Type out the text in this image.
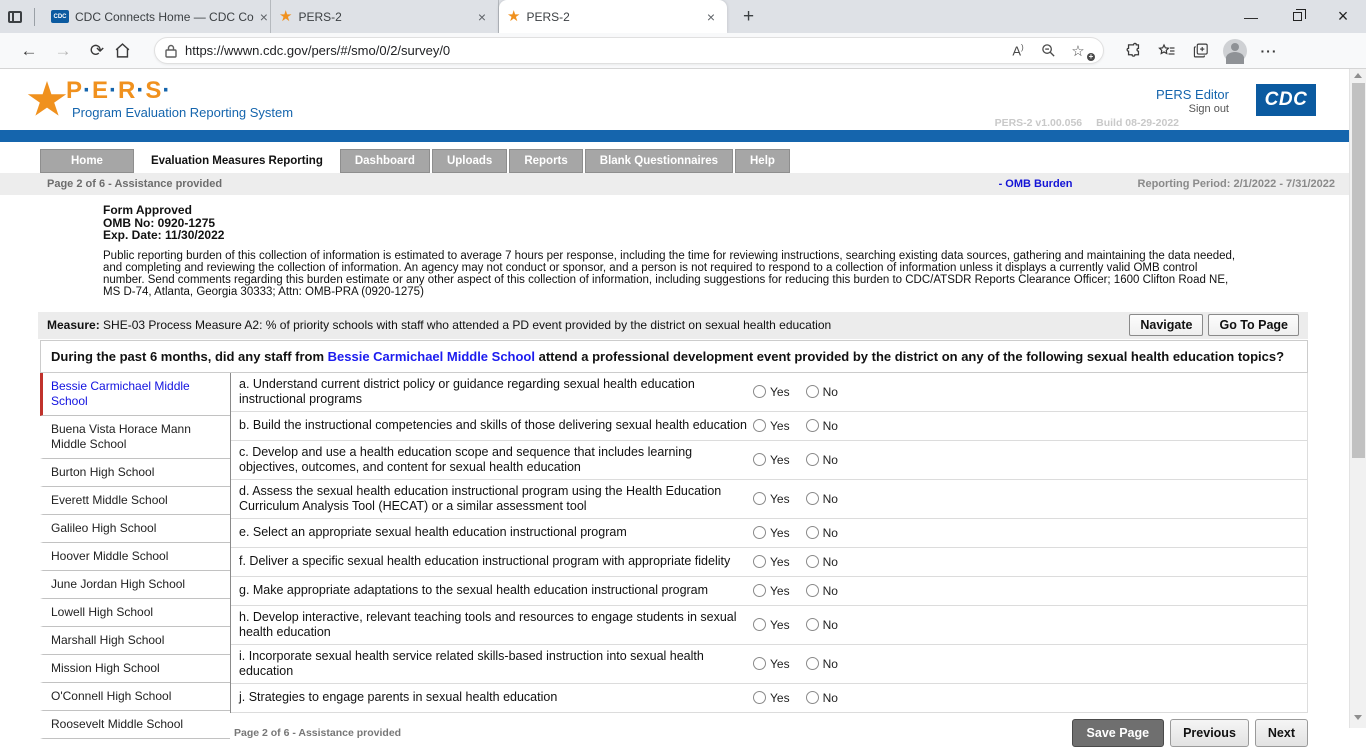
CDC CDC Connects Home — CDC Co × ★ PERS-2	× ★ PERS-2	×	+	—	×
←	→	⟳	https://wwwn.cdc.gov/pers/#/smo/0/2/survey/0	A)	☆ +	···
P·E·R·S·
Program Evaluation Reporting System
PERS Editor
Sign out	CDC
PERS-2 v1.00.056 Build 08-29-2022
Home	Evaluation Measures Reporting	Dashboard	Uploads	Reports	Blank Questionnaires	Help
Page 2 of 6 - Assistance provided	- OMB Burden	Reporting Period: 2/1/2022 - 7/31/2022
Form Approved
OMB No: 0920-1275
Exp. Date: 11/30/2022
Public reporting burden of this collection of information is estimated to average 7 hours per response, including the time for reviewing instructions, searching existing data sources, gathering and maintaining the data needed, and completing and reviewing the collection of information. An agency may not conduct or sponsor, and a person is not required to respond to a collection of information unless it displays a currently valid OMB control number. Send comments regarding this burden estimate or any other aspect of this collection of information, including suggestions for reducing this burden to CDC/ATSDR Reports Clearance Officer; 1600 Clifton Road NE, MS D-74, Atlanta, Georgia 30333; Attn: OMB-PRA (0920-1275)
Measure: SHE-03 Process Measure A2: % of priority schools with staff who attended a PD event provided by the district on sexual health education	Navigate	Go To Page
During the past 6 months, did any staff from Bessie Carmichael Middle School attend a professional development event provided by the district on any of the following sexual health education topics?
Bessie Carmichael Middle School
Buena Vista Horace Mann Middle School
Burton High School
Everett Middle School
Galileo High School
Hoover Middle School
June Jordan High School
Lowell High School
Marshall High School
Mission High School
O'Connell High School
Roosevelt Middle School
a. Understand current district policy or guidance regarding sexual health education instructional programs	Yes	No
b. Build the instructional competencies and skills of those delivering sexual health education Yes	No
c. Develop and use a health education scope and sequence that includes learning objectives, outcomes, and content for sexual health education	Yes	No
d. Assess the sexual health education instructional program using the Health Education Curriculum Analysis Tool (HECAT) or a similar assessment tool	Yes	No
e. Select an appropriate sexual health education instructional program	Yes	No
f. Deliver a specific sexual health education instructional program with appropriate fidelity	Yes	No
g. Make appropriate adaptations to the sexual health education instructional program	Yes	No
h. Develop interactive, relevant teaching tools and resources to engage students in sexual health education	Yes	No
i. Incorporate sexual health service related skills-based instruction into sexual health education	Yes	No
j. Strategies to engage parents in sexual health education	Yes	No
Page 2 of 6 - Assistance provided	Save Page	Previous	Next
